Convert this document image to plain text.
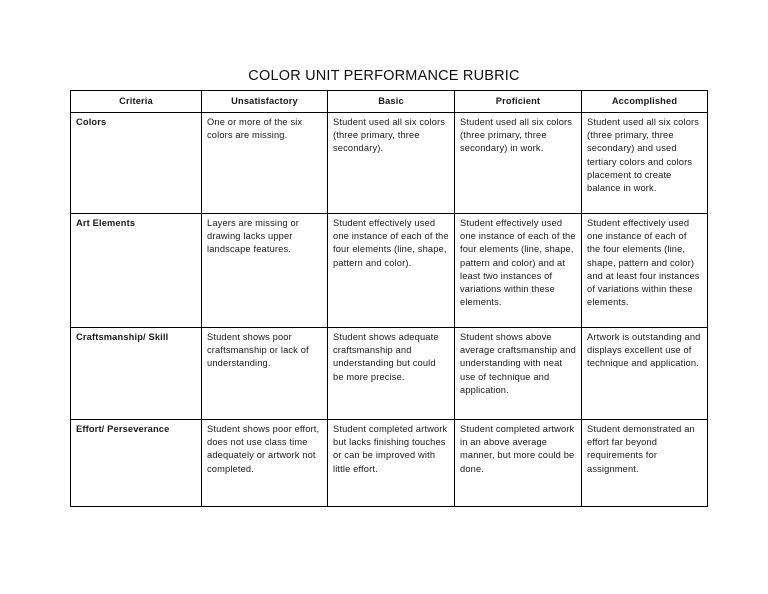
COLOR UNIT PERFORMANCE RUBRIC
Criteria	Unsatisfactory	Basic	Proficient	Accomplished
Colors	One or more of the six colors are missing.	Student used all six colors (three primary, three secondary).	Student used all six colors (three primary, three secondary) in work.	Student used all six colors (three primary, three secondary) and used tertiary colors and colors placement to create balance in work.
Art Elements	Layers are missing or drawing lacks upper landscape features.	Student effectively used one instance of each of the four elements (line, shape, pattern and color).	Student effectively used one instance of each of the four elements (line, shape, pattern and color) and at least two instances of variations within these elements.	Student effectively used one instance of each of the four elements (line, shape, pattern and color) and at least four instances of variations within these elements.
Craftsmanship/ Skill	Student shows poor craftsmanship or lack of understanding.	Student shows adequate craftsmanship and understanding but could be more precise.	Student shows above average craftsmanship and understanding with neat use of technique and application.	Artwork is outstanding and displays excellent use of technique and application.
Effort/ Perseverance	Student shows poor effort, does not use class time adequately or artwork not completed.	Student completed artwork but lacks finishing touches or can be improved with little effort.	Student completed artwork in an above average manner, but more could be done.	Student demonstrated an effort far beyond requirements for assignment.
